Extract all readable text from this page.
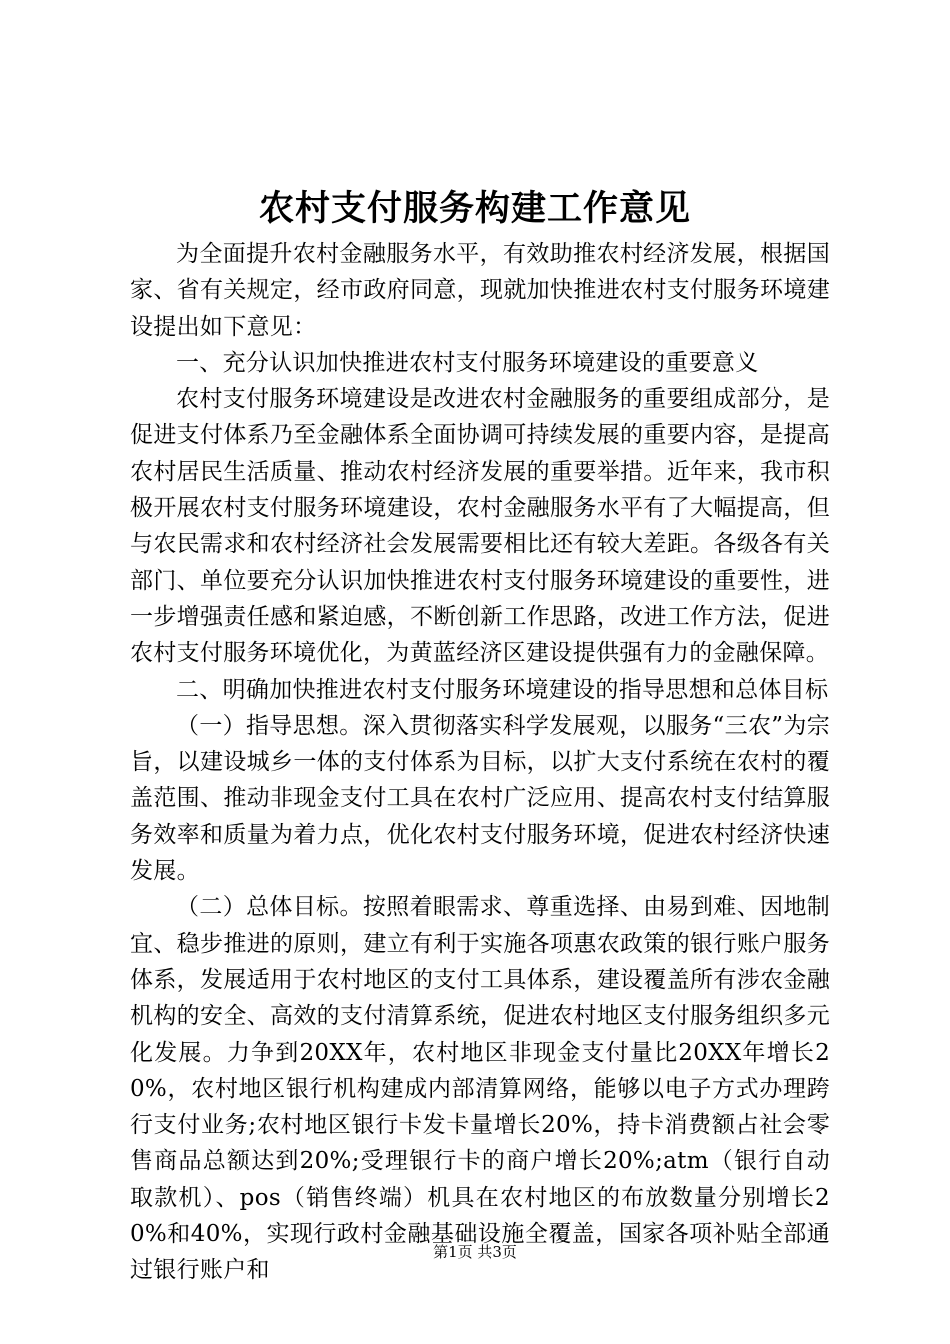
农村支付服务构建工作意见

为全面提升农村金融服务水平，有效助推农村经济发展，根据国家、省有关规定，经市政府同意，现就加快推进农村支付服务环境建设提出如下意见：

一、充分认识加快推进农村支付服务环境建设的重要意义

农村支付服务环境建设是改进农村金融服务的重要组成部分，是促进支付体系乃至金融体系全面协调可持续发展的重要内容，是提高农村居民生活质量、推动农村经济发展的重要举措。近年来，我市积极开展农村支付服务环境建设，农村金融服务水平有了大幅提高，但与农民需求和农村经济社会发展需要相比还有较大差距。各级各有关部门、单位要充分认识加快推进农村支付服务环境建设的重要性，进一步增强责任感和紧迫感，不断创新工作思路，改进工作方法，促进农村支付服务环境优化，为黄蓝经济区建设提供强有力的金融保障。

二、明确加快推进农村支付服务环境建设的指导思想和总体目标

（一）指导思想。深入贯彻落实科学发展观，以服务“三农”为宗旨，以建设城乡一体的支付体系为目标，以扩大支付系统在农村的覆盖范围、推动非现金支付工具在农村广泛应用、提高农村支付结算服务效率和质量为着力点，优化农村支付服务环境，促进农村经济快速发展。

（二）总体目标。按照着眼需求、尊重选择、由易到难、因地制宜、稳步推进的原则，建立有利于实施各项惠农政策的银行账户服务体系，发展适用于农村地区的支付工具体系，建设覆盖所有涉农金融机构的安全、高效的支付清算系统，促进农村地区支付服务组织多元化发展。力争到20XX年，农村地区非现金支付量比20XX年增长20%，农村地区银行机构建成内部清算网络，能够以电子方式办理跨行支付业务;农村地区银行卡发卡量增长20%，持卡消费额占社会零售商品总额达到20%;受理银行卡的商户增长20%;atm（银行自动取款机）、pos（销售终端）机具在农村地区的布放数量分别增长20%和40%，实现行政村金融基础设施全覆盖，国家各项补贴全部通过银行账户和

第1页 共3页
